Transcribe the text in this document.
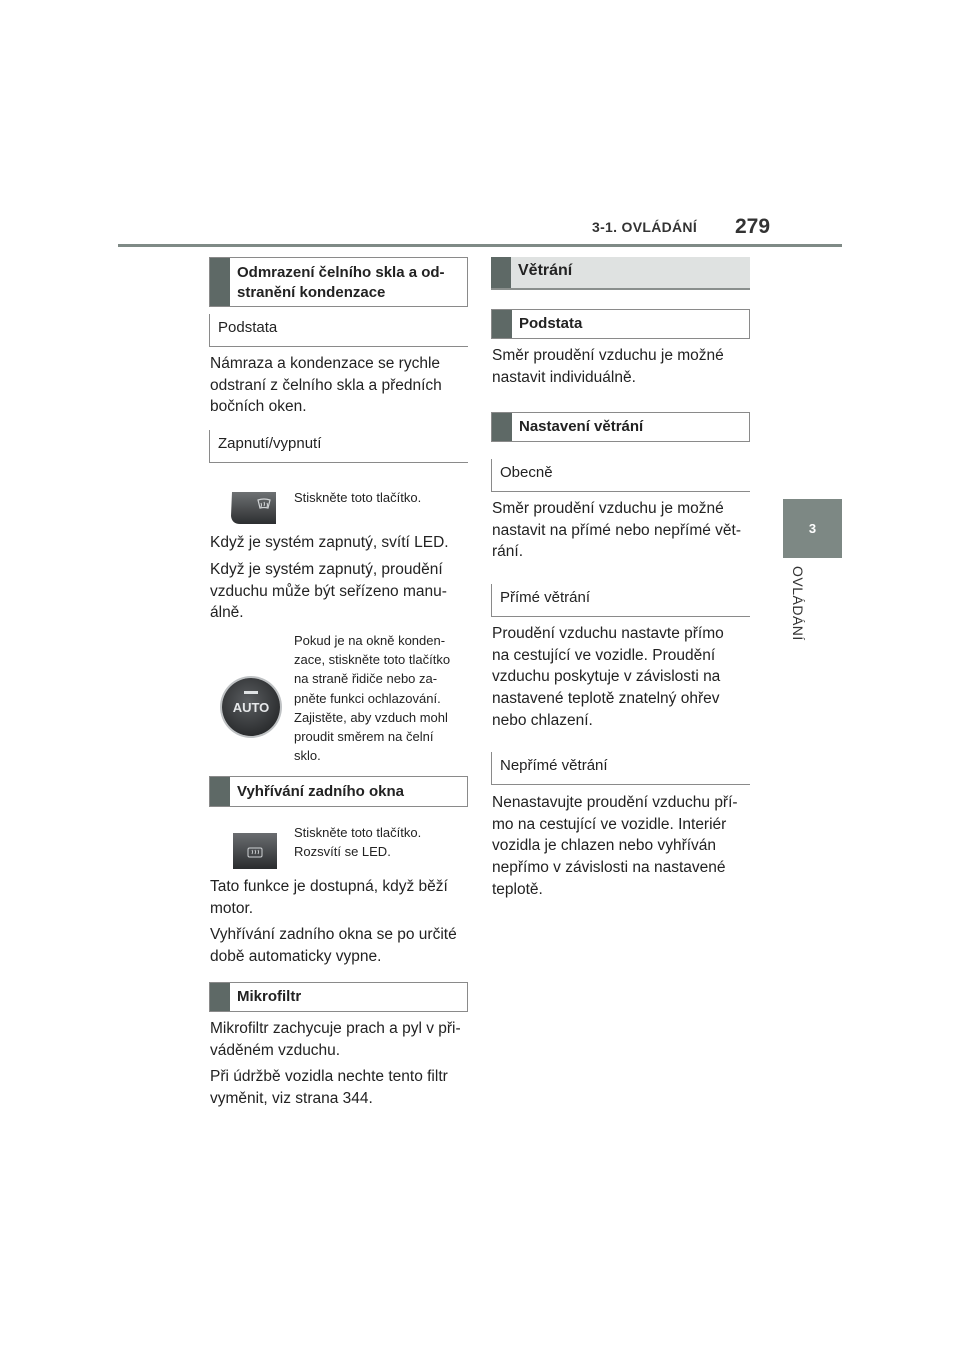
3-1. OVLÁDÁNÍ 279
3
OVLÁDÁNÍ
Odmrazení čelního skla a od-
stranění kondenzace
Podstata
Námraza a kondenzace se rychle
odstraní z čelního skla a předních
bočních oken.
Zapnutí/vypnutí
Stiskněte toto tlačítko.
Když je systém zapnutý, svítí LED.
Když je systém zapnutý, proudění
vzduchu může být seřízeno manu-
álně.
AUTO
Pokud je na okně konden-
zace, stiskněte toto tlačítko
na straně řidiče nebo za-
pněte funkci ochlazování.
Zajistěte, aby vzduch mohl
proudit směrem na čelní
sklo.
Vyhřívání zadního okna
Stiskněte toto tlačítko.
Rozsvítí se LED.
Tato funkce je dostupná, když běží
motor.
Vyhřívání zadního okna se po určité
době automaticky vypne.
Mikrofiltr
Mikrofiltr zachycuje prach a pyl v při-
váděném vzduchu.
Při údržbě vozidla nechte tento filtr
vyměnit, viz strana 344.
Větrání
Podstata
Směr proudění vzduchu je možné
nastavit individuálně.
Nastavení větrání
Obecně
Směr proudění vzduchu je možné
nastavit na přímé nebo nepřímé vět-
rání.
Přímé větrání
Proudění vzduchu nastavte přímo
na cestující ve vozidle. Proudění
vzduchu poskytuje v závislosti na
nastavené teplotě znatelný ohřev
nebo chlazení.
Nepřímé větrání
Nenastavujte proudění vzduchu pří-
mo na cestující ve vozidle. Interiér
vozidla je chlazen nebo vyhříván
nepřímo v závislosti na nastavené
teplotě.
